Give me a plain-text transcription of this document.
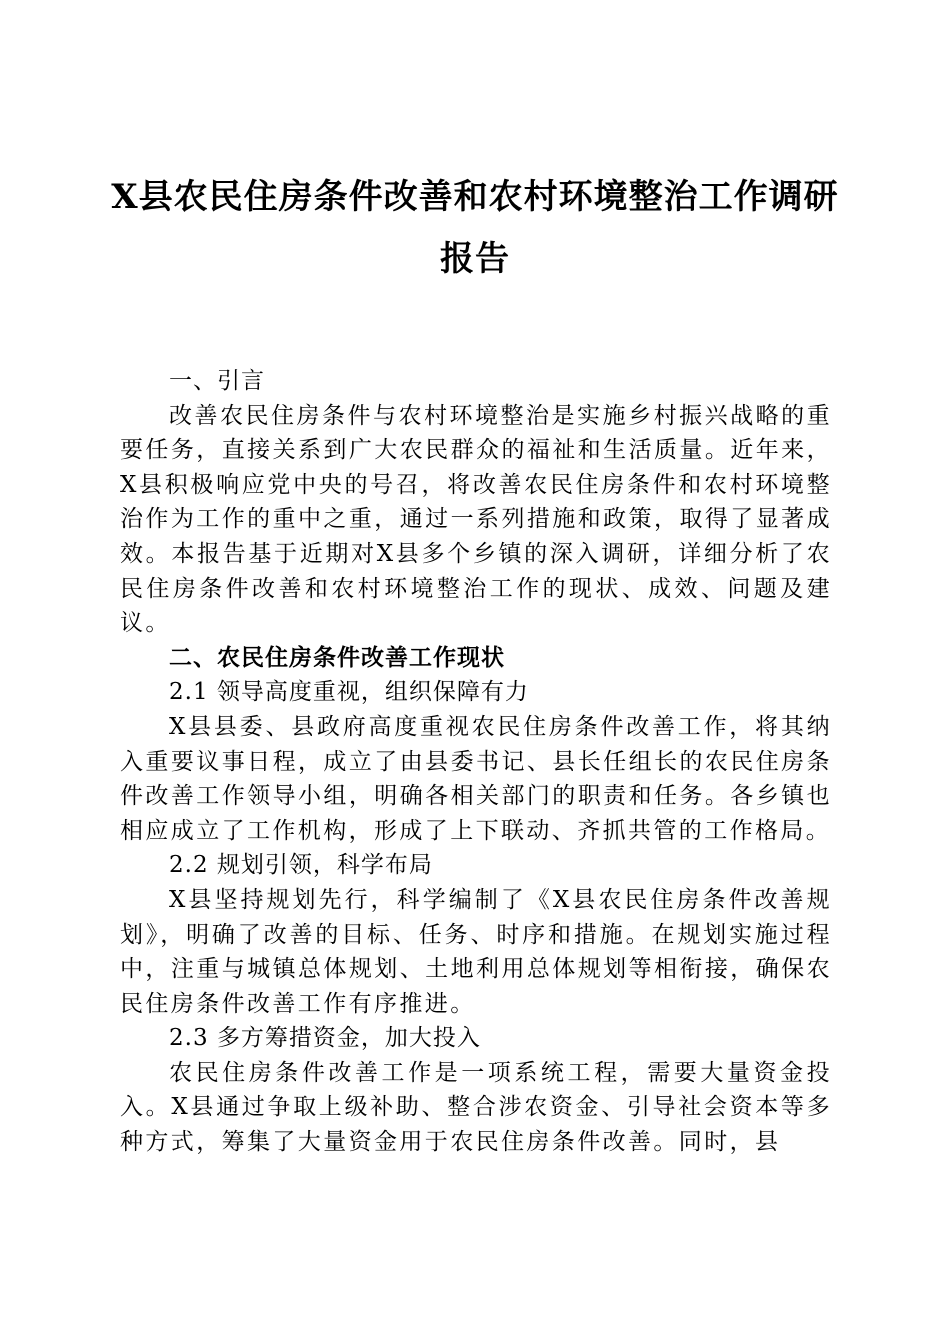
X县农民住房条件改善和农村环境整治工作调研报告

一、引言

改善农民住房条件与农村环境整治是实施乡村振兴战略的重要任务，直接关系到广大农民群众的福祉和生活质量。近年来，X县积极响应党中央的号召，将改善农民住房条件和农村环境整治作为工作的重中之重，通过一系列措施和政策，取得了显著成效。本报告基于近期对X县多个乡镇的深入调研，详细分析了农民住房条件改善和农村环境整治工作的现状、成效、问题及建议。

二、农民住房条件改善工作现状

2.1 领导高度重视，组织保障有力

X县县委、县政府高度重视农民住房条件改善工作，将其纳入重要议事日程，成立了由县委书记、县长任组长的农民住房条件改善工作领导小组，明确各相关部门的职责和任务。各乡镇也相应成立了工作机构，形成了上下联动、齐抓共管的工作格局。

2.2 规划引领，科学布局

X县坚持规划先行，科学编制了《X县农民住房条件改善规划》，明确了改善的目标、任务、时序和措施。在规划实施过程中，注重与城镇总体规划、土地利用总体规划等相衔接，确保农民住房条件改善工作有序推进。

2.3 多方筹措资金，加大投入

农民住房条件改善工作是一项系统工程，需要大量资金投入。X县通过争取上级补助、整合涉农资金、引导社会资本等多种方式，筹集了大量资金用于农民住房条件改善。同时，县
